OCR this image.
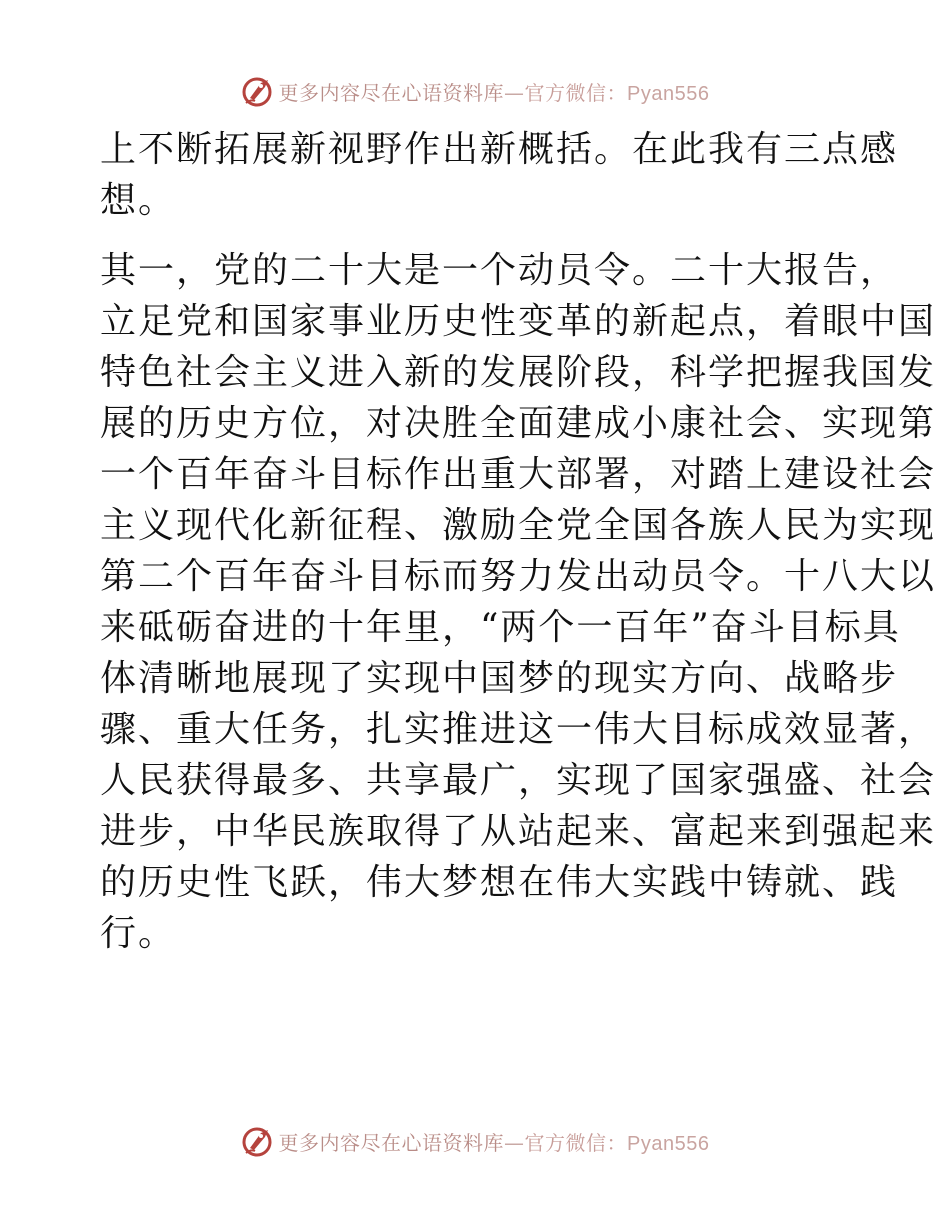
更多内容尽在心语资料库—官方微信：Pyan556
上不断拓展新视野作出新概括。在此我有三点感
想。
其一，党的二十大是一个动员令。二十大报告，
立足党和国家事业历史性变革的新起点，着眼中国
特色社会主义进入新的发展阶段，科学把握我国发
展的历史方位，对决胜全面建成小康社会、实现第
一个百年奋斗目标作出重大部署，对踏上建设社会
主义现代化新征程、激励全党全国各族人民为实现
第二个百年奋斗目标而努力发出动员令。十八大以
来砥砺奋进的十年里，“两个一百年”奋斗目标具
体清晰地展现了实现中国梦的现实方向、战略步
骤、重大任务，扎实推进这一伟大目标成效显著，
人民获得最多、共享最广，实现了国家强盛、社会
进步，中华民族取得了从站起来、富起来到强起来
的历史性飞跃，伟大梦想在伟大实践中铸就、践
行。
更多内容尽在心语资料库—官方微信：Pyan556
